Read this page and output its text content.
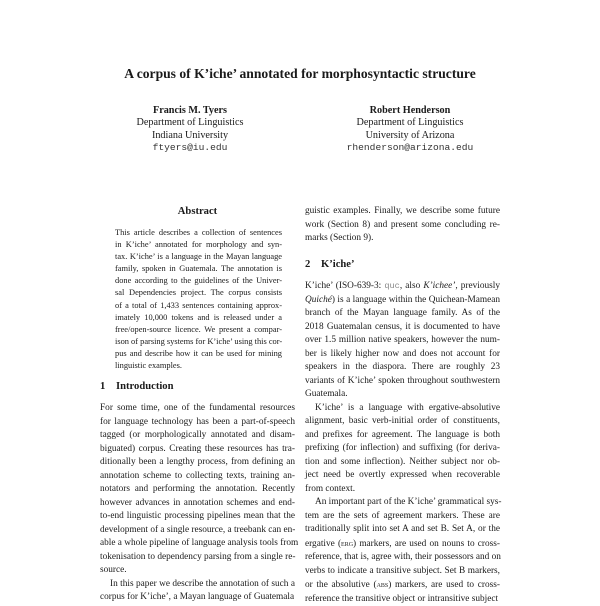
A corpus of K’iche’ annotated for morphosyntactic structure
Francis M. Tyers
Department of Linguistics
Indiana University
ftyers@iu.edu
Robert Henderson
Department of Linguistics
University of Arizona
rhenderson@arizona.edu
Abstract
This article describes a collection of sentences
in K’iche’ annotated for morphology and syn-
tax. K’iche’ is a language in the Mayan language
family, spoken in Guatemala. The annotation is
done according to the guidelines of the Univer-
sal Dependencies project. The corpus consists
of a total of 1,433 sentences containing approx-
imately 10,000 tokens and is released under a
free/open-source licence. We present a compar-
ison of parsing systems for K’iche’ using this cor-
pus and describe how it can be used for mining
linguistic examples.
1 Introduction
For some time, one of the fundamental resources
for language technology has been a part-of-speech
tagged (or morphologically annotated and disam-
biguated) corpus. Creating these resources has tra-
ditionally been a lengthy process, from defining an
annotation scheme to collecting texts, training an-
notators and performing the annotation. Recently
however advances in annotation schemes and end-
to-end linguistic processing pipelines mean that the
development of a single resource, a treebank can en-
able a whole pipeline of language analysis tools from
tokenisation to dependency parsing from a single re-
source.
In this paper we describe the annotation of such a
corpus for K’iche’, a Mayan language of Guatemala
guistic examples. Finally, we describe some future
work (Section 8) and present some concluding re-
marks (Section 9).
2 K’iche’
K’iche’ (ISO-639-3: quc, also K’ichee’, previously
Quiché) is a language within the Quichean-Mamean
branch of the Mayan language family. As of the
2018 Guatemalan census, it is documented to have
over 1.5 million native speakers, however the num-
ber is likely higher now and does not account for
speakers in the diaspora. There are roughly 23
variants of K’iche’ spoken throughout southwestern
Guatemala.
K’iche’ is a language with ergative-absolutive
alignment, basic verb-initial order of constituents,
and prefixes for agreement. The language is both
prefixing (for inflection) and suffixing (for deriva-
tion and some inflection). Neither subject nor ob-
ject need be overtly expressed when recoverable
from context.
An important part of the K’iche’ grammatical sys-
tem are the sets of agreement markers. These are
traditionally split into set A and set B. Set A, or the
ergative (erg) markers, are used on nouns to cross-
reference, that is, agree with, their possessors and on
verbs to indicate a transitive subject. Set B markers,
or the absolutive (abs) markers, are used to cross-
reference the transitive object or intransitive subject
